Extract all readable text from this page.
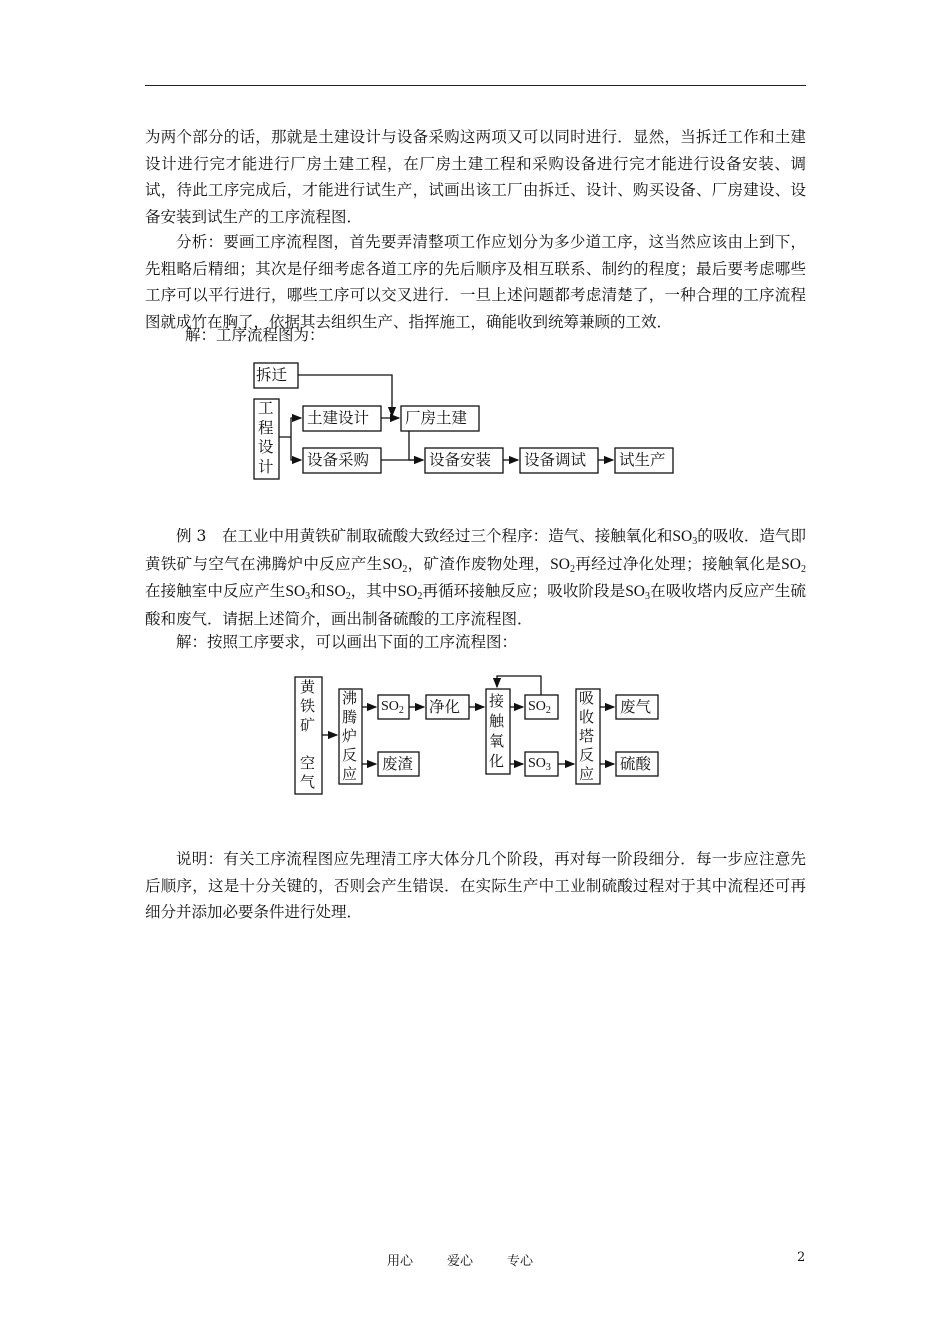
为两个部分的话，那就是土建设计与设备采购这两项又可以同时进行．显然，当拆迁工作和土建设计进行完才能进行厂房土建工程，在厂房土建工程和采购设备进行完才能进行设备安装、调试，待此工序完成后，才能进行试生产，试画出该工厂由拆迁、设计、购买设备、厂房建设、设备安装到试生产的工序流程图．

分析：要画工序流程图，首先要弄清整项工作应划分为多少道工序，这当然应该由上到下，先粗略后精细；其次是仔细考虑各道工序的先后顺序及相互联系、制约的程度；最后要考虑哪些工序可以平行进行，哪些工序可以交叉进行．一旦上述问题都考虑清楚了，一种合理的工序流程图就成竹在胸了，依据其去组织生产、指挥施工，确能收到统筹兼顾的工效．

解：工序流程图为：

拆迁
工
程
设
计
土建设计 厂房土建
设备采购	设备安装 设备调试 试生产

例 3　在工业中用黄铁矿制取硫酸大致经过三个程序：造气、接触氧化和$SO_3$的吸收．造气即黄铁矿与空气在沸腾炉中反应产生$SO_2$，矿渣作废物处理，$SO_2$再经过净化处理；接触氧化是$SO_2$在接触室中反应产生$SO_3$和$SO_2$，其中$SO_2$再循环接触反应；吸收阶段是$SO_3$在吸收塔内反应产生硫酸和废气．请据上述简介，画出制备硫酸的工序流程图．

解：按照工序要求，可以画出下面的工序流程图：

黄
铁
矿

空
气
沸
腾
炉
反
应
$SO_2$ 净化
废渣
接
触
氧
化
$SO_2$
$SO_3$
吸
收
塔
反
应
废气
硫酸

说明：有关工序流程图应先理清工序大体分几个阶段，再对每一阶段细分．每一步应注意先后顺序，这是十分关键的，否则会产生错误．在实际生产中工业制硫酸过程对于其中流程还可再细分并添加必要条件进行处理．

用心	爱心	专心	2
